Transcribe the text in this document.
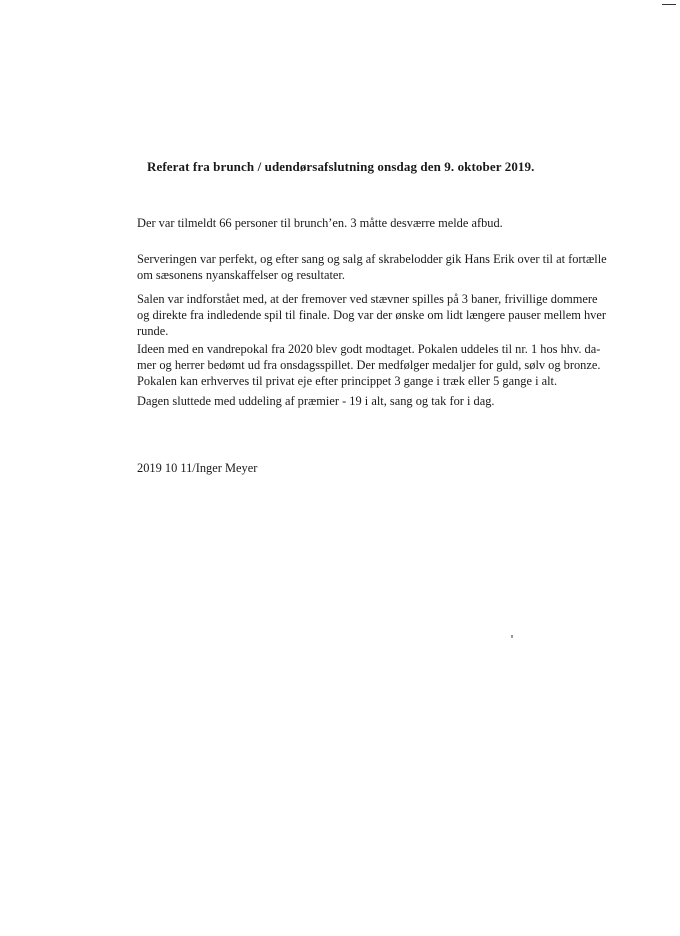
Referat fra brunch / udendørsafslutning onsdag den 9. oktober 2019.
Der var tilmeldt 66 personer til brunch’en. 3 måtte desværre melde afbud.
Serveringen var perfekt, og efter sang og salg af skrabelodder gik Hans Erik over til at fortælle
om sæsonens nyanskaffelser og resultater.
Salen var indforstået med, at der fremover ved stævner spilles på 3 baner, frivillige dommere
og direkte fra indledende spil til finale. Dog var der ønske om lidt længere pauser mellem hver
runde.
Ideen med en vandrepokal fra 2020 blev godt modtaget. Pokalen uddeles til nr. 1 hos hhv. da-
mer og herrer bedømt ud fra onsdagsspillet. Der medfølger medaljer for guld, sølv og bronze.
Pokalen kan erhverves til privat eje efter princippet 3 gange i træk eller 5 gange i alt.
Dagen sluttede med uddeling af præmier - 19 i alt, sang og tak for i dag.
2019 10 11/Inger Meyer
